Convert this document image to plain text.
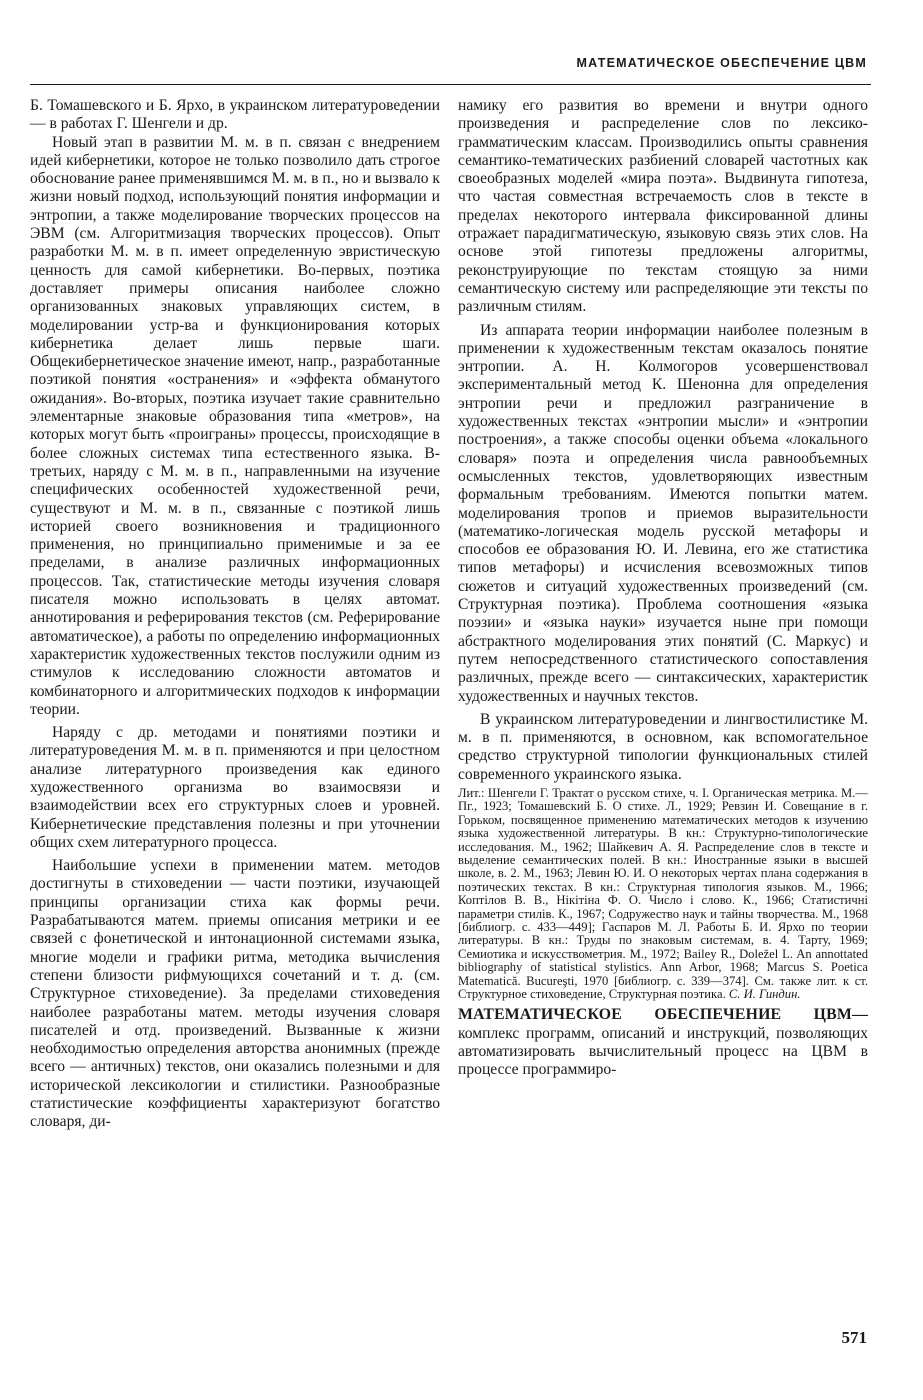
МАТЕМАТИЧЕСКОЕ ОБЕСПЕЧЕНИЕ ЦВМ

Б. Томашевского и Б. Ярхо, в украинском литературоведении — в работах Г. Шенгели и др.

Новый этап в развитии М. м. в п. связан с внедрением идей кибернетики, которое не только позволило дать строгое обоснование ранее применявшимся М. м. в п., но и вызвало к жизни новый подход, использующий понятия информации и энтропии, а также моделирование творческих процессов на ЭВМ (см. Алгоритмизация творческих процессов). Опыт разработки М. м. в п. имеет определенную эвристическую ценность для самой кибернетики. Во-первых, поэтика доставляет примеры описания наиболее сложно организованных знаковых управляющих систем, в моделировании устр-ва и функционирования которых кибернетика делает лишь первые шаги. Общекибернетическое значение имеют, напр., разработанные поэтикой понятия «остранения» и «эффекта обманутого ожидания». Во-вторых, поэтика изучает такие сравнительно элементарные знаковые образования типа «метров», на которых могут быть «проиграны» процессы, происходящие в более сложных системах типа естественного языка. В-третьих, наряду с М. м. в п., направленными на изучение специфических особенностей художественной речи, существуют и М. м. в п., связанные с поэтикой лишь историей своего возникновения и традиционного применения, но принципиально применимые и за ее пределами, в анализе различных информационных процессов. Так, статистические методы изучения словаря писателя можно использовать в целях автомат. аннотирования и реферирования текстов (см. Реферирование автоматическое), а работы по определению информационных характеристик художественных текстов послужили одним из стимулов к исследованию сложности автоматов и комбинаторного и алгоритмических подходов к информации теории.

Наряду с др. методами и понятиями поэтики и литературоведения М. м. в п. применяются и при целостном анализе литературного произведения как единого художественного организма во взаимосвязи и взаимодействии всех его структурных слоев и уровней. Кибернетические представления полезны и при уточнении общих схем литературного процесса.

Наибольшие успехи в применении матем. методов достигнуты в стиховедении — части поэтики, изучающей принципы организации стиха как формы речи. Разрабатываются матем. приемы описания метрики и ее связей с фонетической и интонационной системами языка, многие модели и графики ритма, методика вычисления степени близости рифмующихся сочетаний и т. д. (см. Структурное стиховедение). За пределами стиховедения наиболее разработаны матем. методы изучения словаря писателей и отд. произведений. Вызванные к жизни необходимостью определения авторства анонимных (прежде всего — античных) текстов, они оказались полезными и для исторической лексикологии и стилистики. Разнообразные статистические коэффициенты характеризуют богатство словаря, ди-

намику его развития во времени и внутри одного произведения и распределение слов по лексико-грамматическим классам. Производились опыты сравнения семантико-тематических разбиений словарей частотных как своеобразных моделей «мира поэта». Выдвинута гипотеза, что частая совместная встречаемость слов в тексте в пределах некоторого интервала фиксированной длины отражает парадигматическую, языковую связь этих слов. На основе этой гипотезы предложены алгоритмы, реконструирующие по текстам стоящую за ними семантическую систему или распределяющие эти тексты по различным стилям.

Из аппарата теории информации наиболее полезным в применении к художественным текстам оказалось понятие энтропии. А. Н. Колмогоров усовершенствовал экспериментальный метод К. Шенонна для определения энтропии речи и предложил разграничение в художественных текстах «энтропии мысли» и «энтропии построения», а также способы оценки объема «локального словаря» поэта и определения числа равнообъемных осмысленных текстов, удовлетворяющих известным формальным требованиям. Имеются попытки матем. моделирования тропов и приемов выразительности (математико-логическая модель русской метафоры и способов ее образования Ю. И. Левина, его же статистика типов метафоры) и исчисления всевозможных типов сюжетов и ситуаций художественных произведений (см. Структурная поэтика). Проблема соотношения «языка поэзии» и «языка науки» изучается ныне при помощи абстрактного моделирования этих понятий (С. Маркус) и путем непосредственного статистического сопоставления различных, прежде всего — синтаксических, характеристик художественных и научных текстов.

В украинском литературоведении и лингвостилистике М. м. в п. применяются, в основном, как вспомогательное средство структурной типологии функциональных стилей современного украинского языка.

Лит.: Шенгели Г. Трактат о русском стихе, ч. I. Органическая метрика. М.— Пг., 1923; Томашевский Б. О стихе. Л., 1929; Ревзин И. Совещание в г. Горьком, посвященное применению математических методов к изучению языка художественной литературы. В кн.: Структурно-типологические исследования. М., 1962; Шайкевич А. Я. Распределение слов в тексте и выделение семантических полей. В кн.: Иностранные языки в высшей школе, в. 2. М., 1963; Левин Ю. И. О некоторых чертах плана содержания в поэтических текстах. В кн.: Структурная типология языков. М., 1966; Коптілов В. В., Нікітіна Ф. О. Число і слово. К., 1966; Статистичні параметри стилів. К., 1967; Содружество наук и тайны творчества. М., 1968 [библиогр. с. 433—449]; Гаспаров М. Л. Работы Б. И. Ярхо по теории литературы. В кн.: Труды по знаковым системам, в. 4. Тарту, 1969; Семиотика и искусствометрия. М., 1972; Bailey R., Doležel L. An annottated bibliography of statistical stylistics. Ann Arbor, 1968; Marcus S. Poetica Matematică. Bucureşti, 1970 [библиогр. с. 339—374]. См. также лит. к ст. Структурное стиховедение, Структурная поэтика. С. И. Гиндин.

МАТЕМАТИЧЕСКОЕ ОБЕСПЕЧЕНИЕ ЦВМ— комплекс программ, описаний и инструкций, позволяющих автоматизировать вычислительный процесс на ЦВМ в процессе программиро-

571
